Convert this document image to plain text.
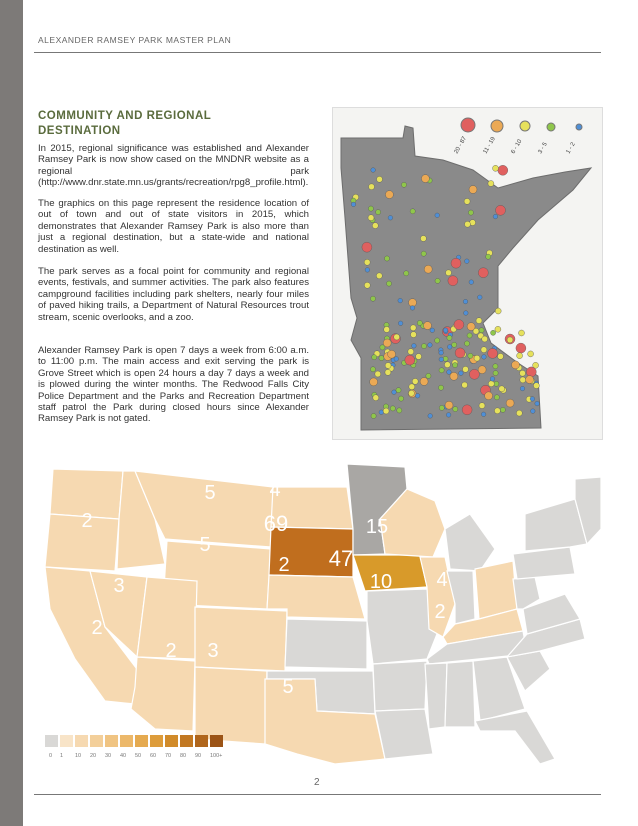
ALEXANDER RAMSEY PARK MASTER PLAN
COMMUNITY AND REGIONAL DESTINATION

In 2015, regional significance was established and Alexander Ramsey Park is now show cased on the MNDNR website as a regional park (http://www.dnr.state.mn.us/grants/recreation/rpg8_profile.html).

The graphics on this page represent the residence location of out of town and out of state visitors in 2015, which demonstrates that Alexander Ramsey Park is also more than just a regional destination, but a state-wide and national destination as well.

The park serves as a focal point for community and regional events, festivals, and summer activities. The park also features campground facilities including park shelters, nearly four miles of paved hiking trails, a Department of Natural Resources trout stream, scenic overlooks, and a zoo.

Alexander Ramsey Park is open 7 days a week from 6:00 a.m. to 11:00 p.m. The main access and exit serving the park is Grove Street which is open 24 hours a day 7 days a week and is plowed during the winter months. The Redwood Falls City Police Department and the Parks and Recreation Department staff patrol the Park during closed hours since Alexander Ramsey Park is not gated.

20 - 87 11 - 19 6 - 10 3 - 5	1 - 2
2
3
2
5	4
5
69
2 47
15
10 4
2
2 3
5
0 1 10 20 30 40 50 60 70 80 90 100+
2
